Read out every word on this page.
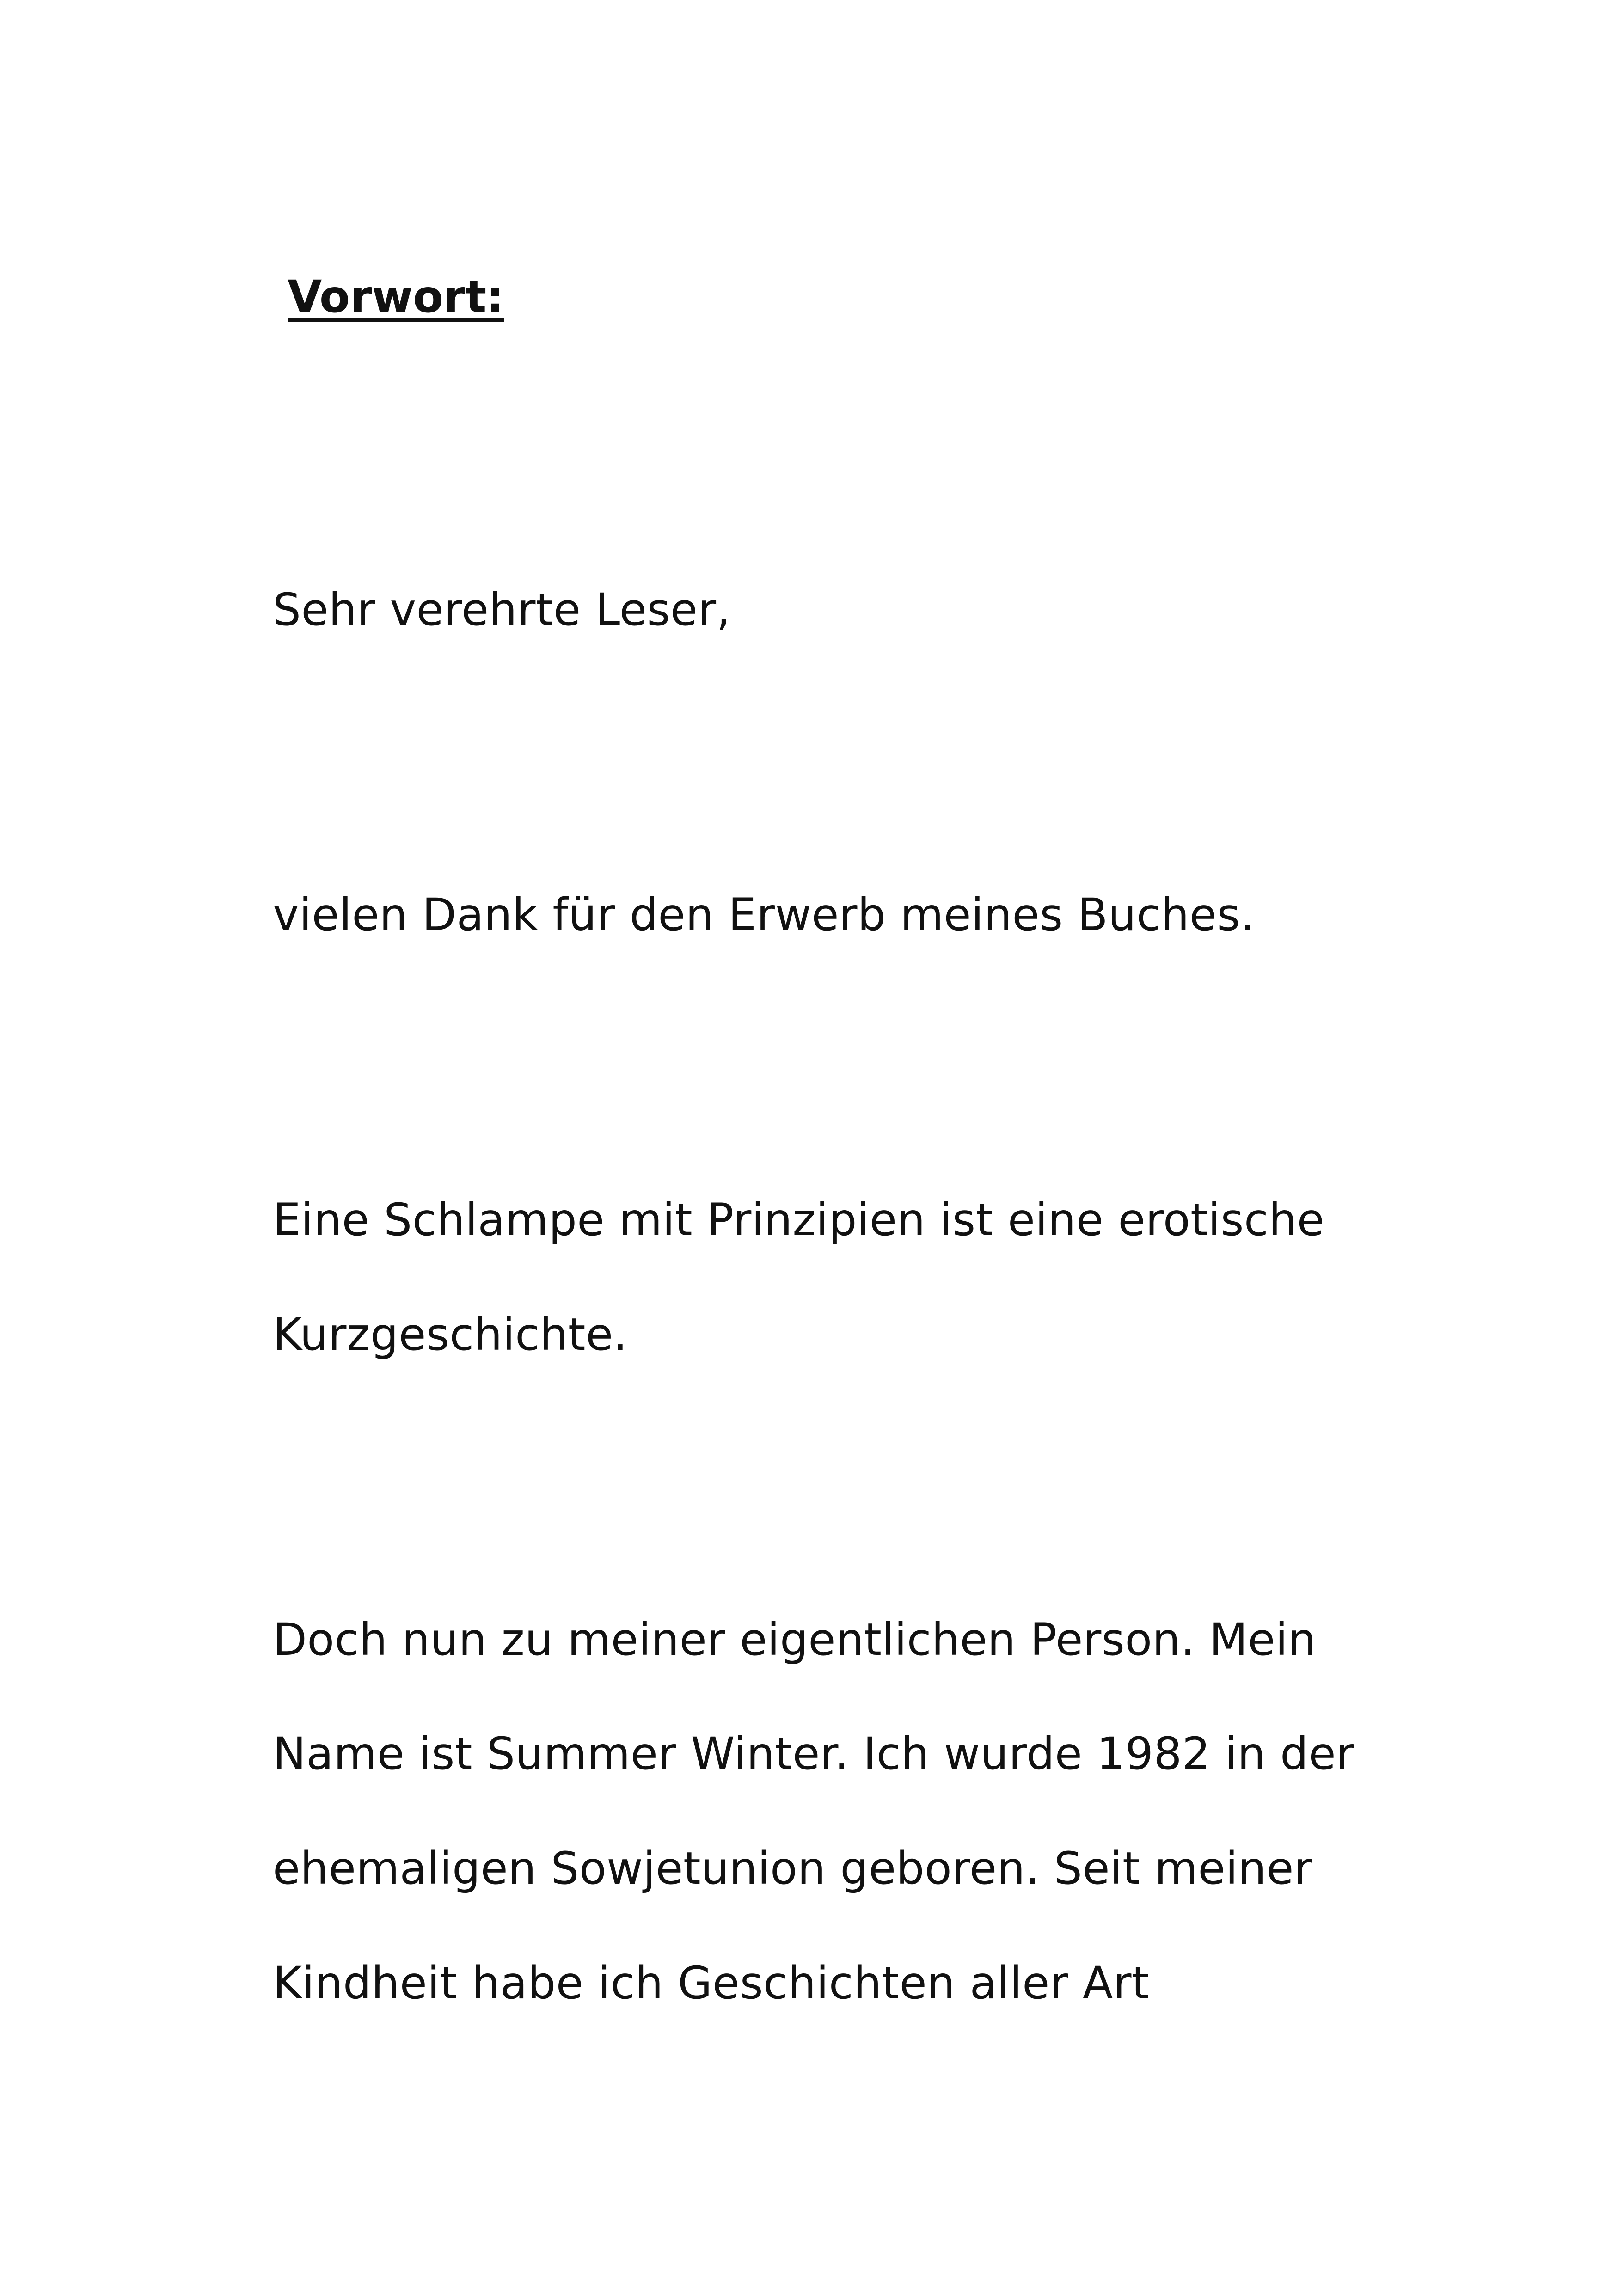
Vorwort:

Sehr verehrte Leser,

vielen Dank für den Erwerb meines Buches.

Eine Schlampe mit Prinzipien ist eine erotische

Kurzgeschichte.

Doch nun zu meiner eigentlichen Person. Mein

Name ist Summer Winter. Ich wurde 1982 in der

ehemaligen Sowjetunion geboren. Seit meiner

Kindheit habe ich Geschichten aller Art
